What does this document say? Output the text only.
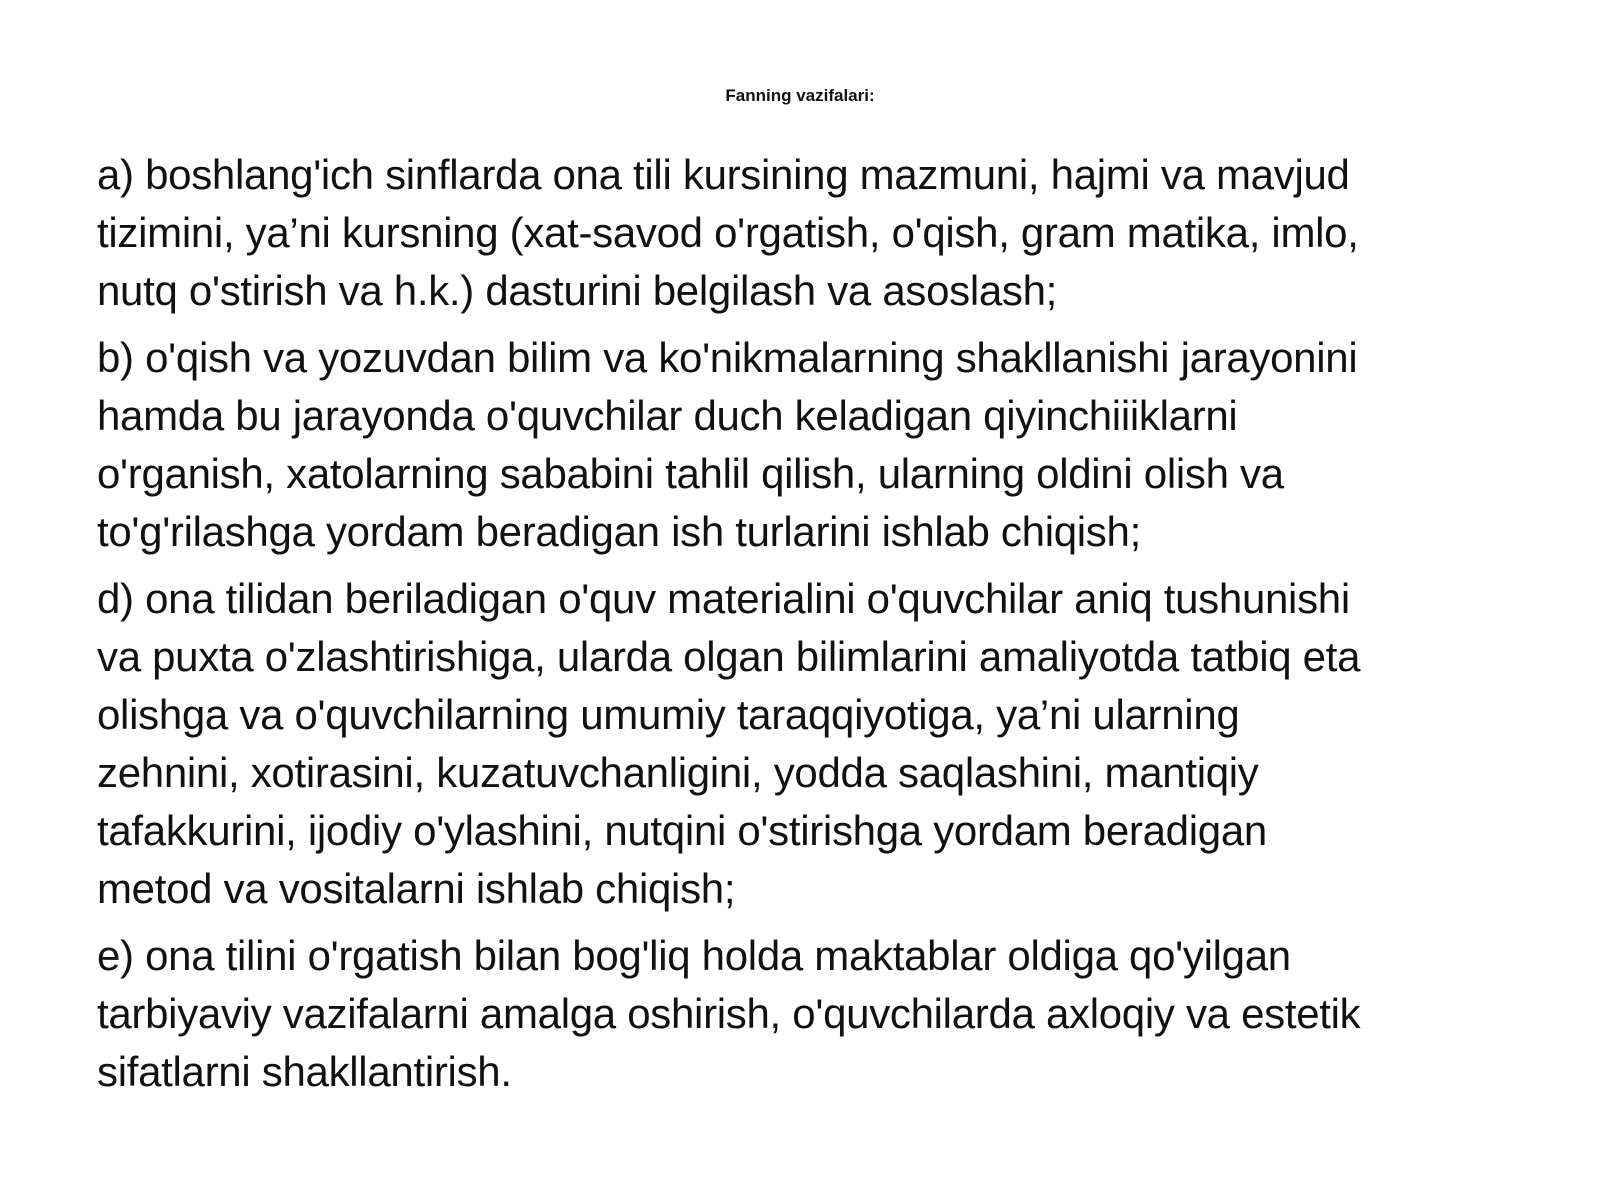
Fanning vazifalari:

a) boshlang'ich sinflarda ona tili kursining mazmuni, hajmi va mavjud
tizimini, ya’ni kursning (xat-savod o'rgatish, o'qish, gram matika, imlo,
nutq o'stirish va h.k.) dasturini belgilash va asoslash;

b) o'qish va yozuvdan bilim va ko'nikmalarning shakllanishi jarayonini
hamda bu jarayonda o'quvchilar duch keladigan qiyinchiiiklarni
o'rganish, xatolarning sababini tahlil qilish, ularning oldini olish va
to'g'rilashga yordam beradigan ish turlarini ishlab chiqish;

d) ona tilidan beriladigan o'quv materialini o'quvchilar aniq tushunishi
va puxta o'zlashtirishiga, ularda olgan bilimlarini amaliyotda tatbiq eta
olishga va o'quvchilarning umumiy taraqqiyotiga, ya’ni ularning
zehnini, xotirasini, kuzatuvchanligini, yodda saqlashini, mantiqiy
tafakkurini, ijodiy o'ylashini, nutqini o'stirishga yordam beradigan
metod va vositalarni ishlab chiqish;

e) ona tilini o'rgatish bilan bog'liq holda maktablar oldiga qo'yilgan
tarbiyaviy vazifalarni amalga oshirish, o'quvchilarda axloqiy va estetik
sifatlarni shakllantirish.
